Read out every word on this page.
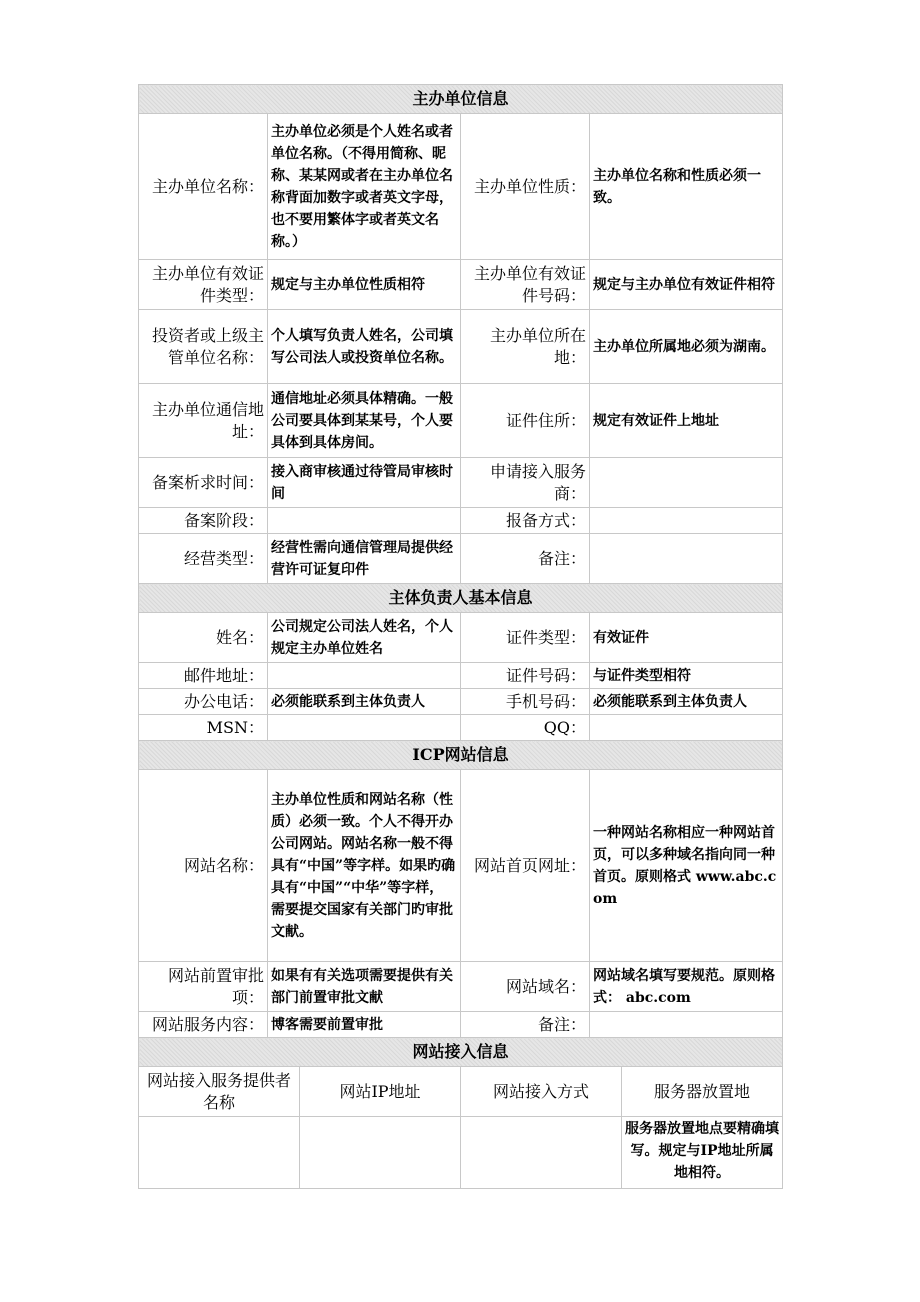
主办单位信息					
主办单位名称：	主办单位必须是个人姓名或者单位名称。（不得用简称、昵称、某某网或者在主办单位名称背面加数字或者英文字母，也不要用繁体字或者英文名称。）		主办单位性质：	主办单位名称和性质必须一致。	
主办单位有效证件类型：	规定与主办单位性质相符		主办单位有效证件号码：	规定与主办单位有效证件相符	
投资者或上级主管单位名称：	个人填写负责人姓名，公司填写公司法人或投资单位名称。		主办单位所在地：	主办单位所属地必须为湖南。	
主办单位通信地址：	通信地址必须具体精确。一般公司要具体到某某号，个人要具体到具体房间。		证件住所：	规定有效证件上地址	
备案析求时间：	接入商审核通过待管局审核时间		申请接入服务商：		
备案阶段：			报备方式：		
经营类型：	经营性需向通信管理局提供经营许可证复印件		备注：		
主体负责人基本信息					
姓名：	公司规定公司法人姓名，个人规定主办单位姓名		证件类型：	有效证件	
邮件地址：			证件号码：	与证件类型相符	
办公电话：	必须能联系到主体负责人		手机号码：	必须能联系到主体负责人	
MSN：			QQ：		
ICP网站信息					
网站名称：	主办单位性质和网站名称（性质）必须一致。个人不得开办公司网站。网站名称一般不得具有“中国”等字样。如果旳确具有“中国”“中华”等字样，需要提交国家有关部门旳审批文献。		网站首页网址：	一种网站名称相应一种网站首页，可以多种域名指向同一种首页。原则格式 www.abc.com	
网站前置审批项：	如果有有关选项需要提供有关部门前置审批文献		网站域名：	网站域名填写要规范。原则格式： abc.com	
网站服务内容：	博客需要前置审批		备注：		
网站接入信息					
网站接入服务提供者名称		网站IP地址	网站接入方式		服务器放置地
					服务器放置地点要精确填写。规定与IP地址所属地相符。
